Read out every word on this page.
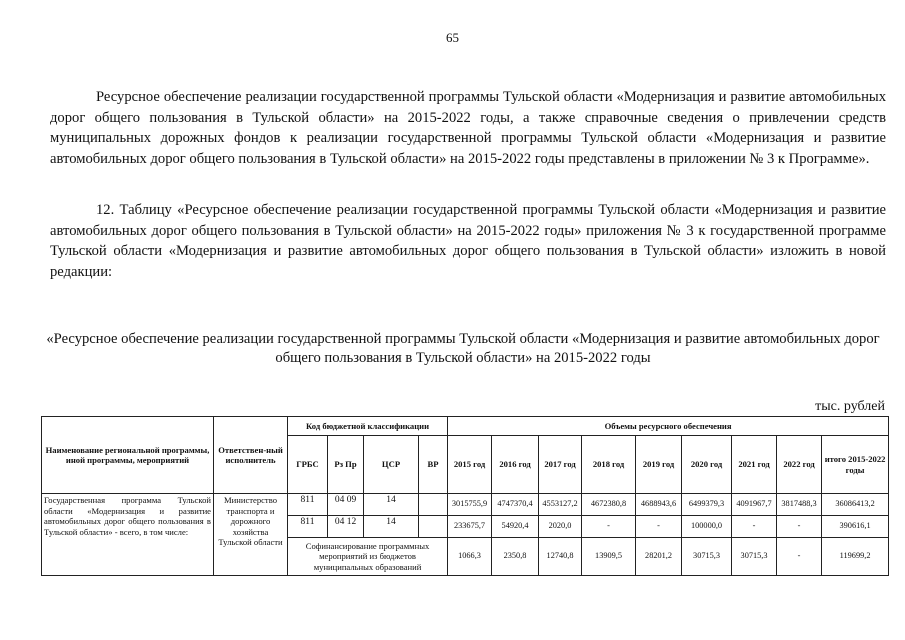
65

Ресурсное обеспечение реализации государственной программы Тульской области «Модернизация и развитие автомобильных дорог общего пользования в Тульской области» на 2015-2022 годы, а также справочные сведения о привлечении средств муниципальных дорожных фондов к реализации государственной программы Тульской области «Модернизация и развитие автомобильных дорог общего пользования в Тульской области» на 2015-2022 годы представлены в приложении № 3 к Программе».

12. Таблицу «Ресурсное обеспечение реализации государственной программы Тульской области «Модернизация и развитие автомобильных дорог общего пользования в Тульской области» на 2015-2022 годы» приложения № 3 к государственной программе Тульской области «Модернизация и развитие автомобильных дорог общего пользования в Тульской области» изложить в новой редакции:

«Ресурсное обеспечение реализации государственной программы Тульской области «Модернизация и развитие автомобильных дорог общего пользования в Тульской области» на 2015-2022 годы
тыс. рублей
Наименование региональной программы, иной программы, мероприятий	Ответствен-ный исполнитель	Код бюджетной классификации				Объемы ресурсного обеспечения								
		ГРБС	Рз Пр	ЦСР	ВР	2015 год	2016 год	2017 год	2018 год	2019 год	2020 год	2021 год	2022 год	итого 2015-2022 годы
Государственная программа Тульской области «Модернизация и развитие автомобильных дорог общего пользования в Тульской области» - всего, в том числе:	Министерство транспорта и дорожного хозяйства Тульской области	811	04 09	14		3015755,9	4747370,4	4553127,2	4672380,8	4688943,6	6499379,3	4091967,7	3817488,3	36086413,2
		811	04 12	14		233675,7	54920,4	2020,0	-	-	100000,0	-	-	390616,1
		Софинансирование программных мероприятий из бюджетов муниципальных образований				1066,3	2350,8	12740,8	13909,5	28201,2	30715,3	30715,3	-	119699,2
